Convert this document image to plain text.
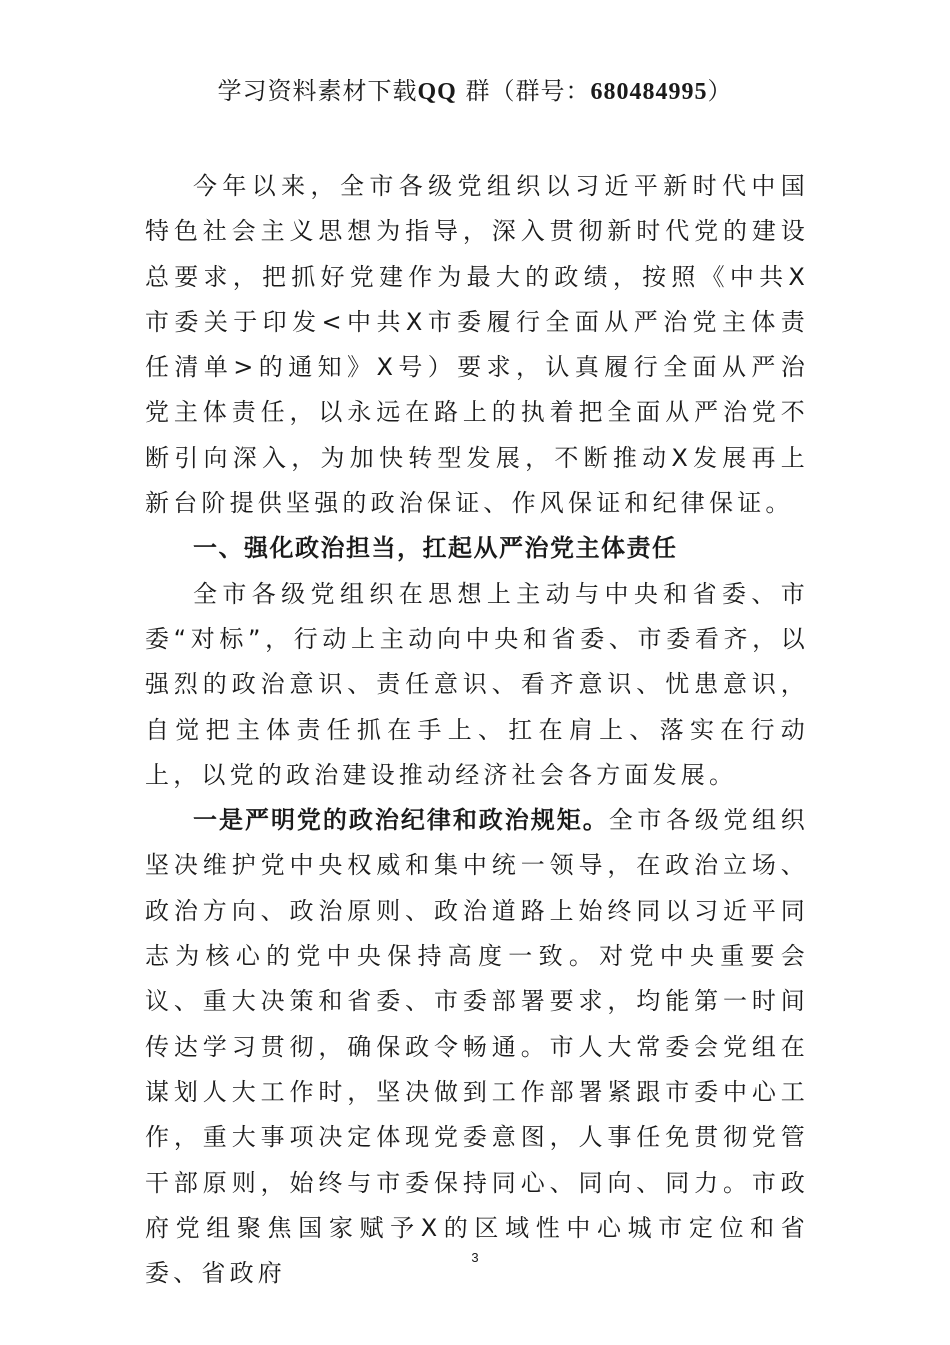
学习资料素材下载QQ 群（群号：680484995）

今年以来，全市各级党组织以习近平新时代中国特色社会主义思想为指导，深入贯彻新时代党的建设总要求，把抓好党建作为最大的政绩，按照《中共X市委关于印发<中共X市委履行全面从严治党主体责任清单>的通知》X号）要求，认真履行全面从严治党主体责任，以永远在路上的执着把全面从严治党不断引向深入，为加快转型发展，不断推动X发展再上新台阶提供坚强的政治保证、作风保证和纪律保证。

一、强化政治担当，扛起从严治党主体责任

全市各级党组织在思想上主动与中央和省委、市委“对标”，行动上主动向中央和省委、市委看齐，以强烈的政治意识、责任意识、看齐意识、忧患意识，自觉把主体责任抓在手上、扛在肩上、落实在行动上，以党的政治建设推动经济社会各方面发展。

一是严明党的政治纪律和政治规矩。全市各级党组织坚决维护党中央权威和集中统一领导，在政治立场、政治方向、政治原则、政治道路上始终同以习近平同志为核心的党中央保持高度一致。对党中央重要会议、重大决策和省委、市委部署要求，均能第一时间传达学习贯彻，确保政令畅通。市人大常委会党组在谋划人大工作时，坚决做到工作部署紧跟市委中心工作，重大事项决定体现党委意图，人事任免贯彻党管干部原则，始终与市委保持同心、同向、同力。市政府党组聚焦国家赋予X的区域性中心城市定位和省委、省政府

3
